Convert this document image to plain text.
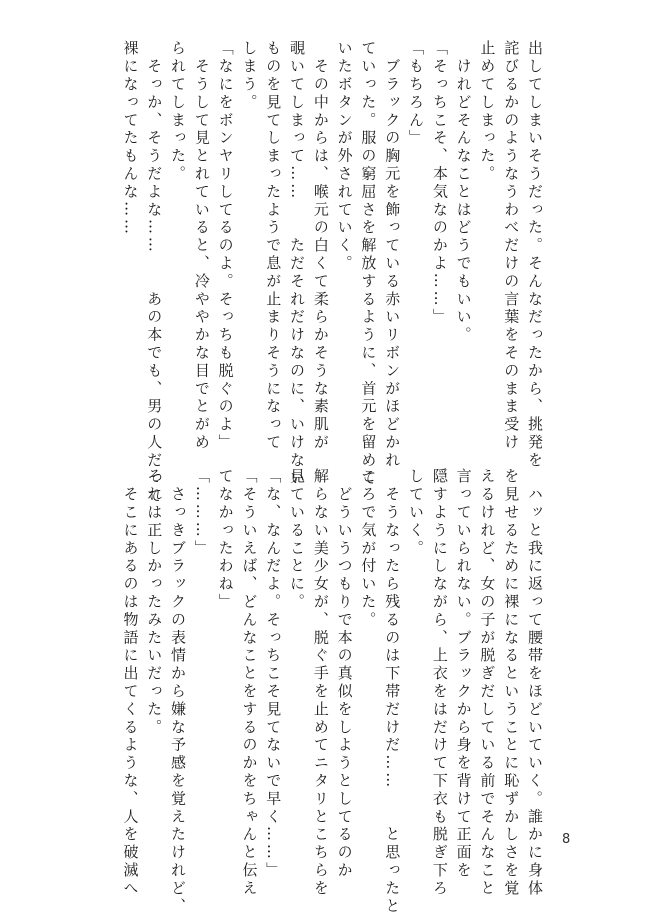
出してしまいそうだった。そんなだったから、挑発を
詫びるかのようなうわべだけの言葉をそのまま受け
止めてしまった。
　けれどそんなことはどうでもいい。
「そっちこそ、本気なのかよ……」
「もちろん」
　ブラックの胸元を飾っている赤いリボンがほどかれ
ていった。服の窮屈さを解放するように、首元を留めて
いたボタンが外されていく。
　その中からは、喉元の白くて柔らかそうな素肌が
覗いてしまって……　　ただそれだけなのに、いけない
ものを見てしまったようで息が止まりそうになって
しまう。
「なにをボンヤリしてるのよ。そっちも脱ぐのよ」
　そうして見とれていると、冷ややかな目でとがめ
られてしまった。
　そっか、そうだよな……　　あの本でも、男の人だって
裸になってたもんな……
　ハッと我に返って腰帯をほどいていく。誰かに身体
を見せるために裸になるということに恥ずかしさを覚
えるけれど、女の子が脱ぎだしている前でそんなこと
言っていられない。ブラックから身を背けて正面を
隠すようにしながら、上衣をはだけて下衣も脱ぎ下ろ
していく。
　そうなったら残るのは下帯だけだ……　　と思ったと
ころで気が付いた。
　どういうつもりで本の真似をしようとしてるのか
解らない美少女が、脱ぐ手を止めてニタリとこちらを
見ていることに。
「な、なんだよ。そっちこそ見てないで早く……」
「そういえば、どんなことをするのかをちゃんと伝え
てなかったわね」
「………」
　さっきブラックの表情から嫌な予感を覚えたけれど、
それは正しかったみたいだった。
　そこにあるのは物語に出てくるような、人を破滅へ	8
